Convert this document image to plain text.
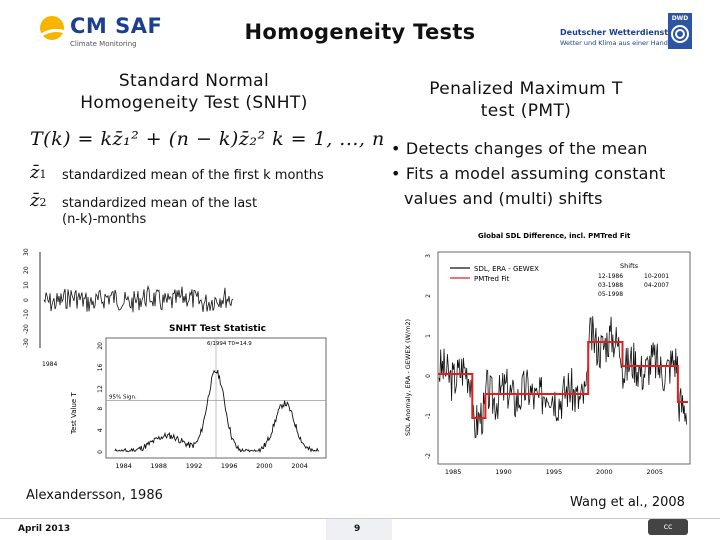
CM SAF
Climate Monitoring	Homogeneity Tests	Deutscher Wetterdienst
Wetter und Klima aus einer Hand
DWD
Standard Normal
Homogeneity Test (SNHT)
T(k) = kz̄₁² + (n − k)z̄₂² k = 1, ..., n
z̄1 standardized mean of the first k months
z̄2 standardized mean of the last
(n-k)-months
30
20
10
0
-10
-20
-30
1984
SNHT Test Statistic
6/1994 T0=14.9
Test Value T
0
4
8
12
16
20
1984	1988	1992	1996	2000	2004
95% Sign.
Alexandersson, 1986
Penalized Maximum T
test (PMT)
• Detects changes of the mean
• Fits a model assuming constant
values and (multi) shifts
Global SDL Difference, incl. PMTred Fit
SDL Anomaly, ERA - GEWEX (W/m2)
3
2
1
0
-1
-2
1985	1990	1995	2000	2005
SDL, ERA - GEWEX
PMTred Fit
Shifts
12-1986	10-2001
03-1988	04-2007
05-1998
Wang et al., 2008
April 2013	9	cc
